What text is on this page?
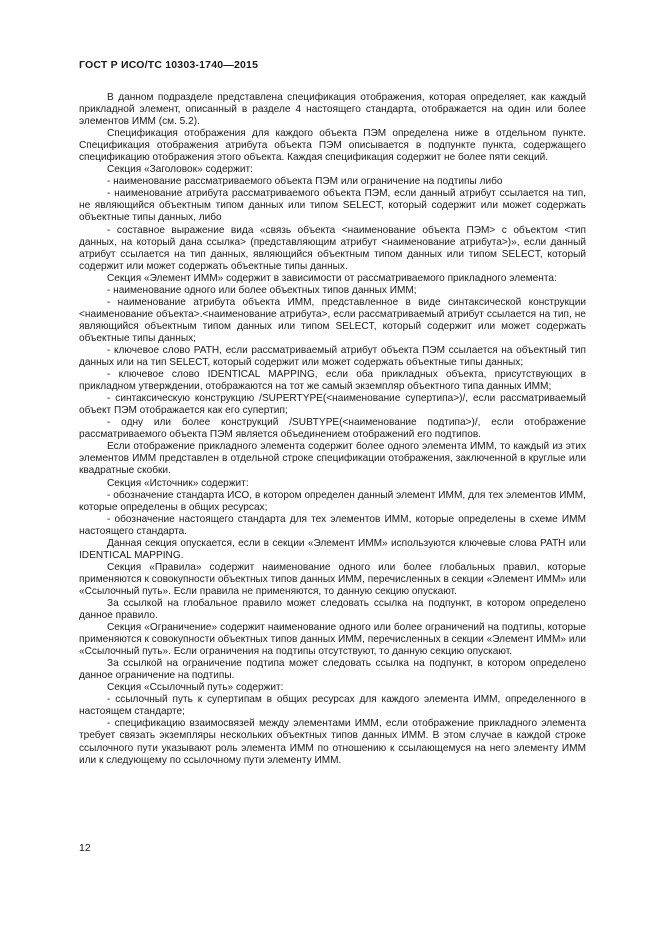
ГОСТ Р ИСО/ТС 10303-1740—2015

В данном подразделе представлена спецификация отображения, которая определяет, как каждый прикладной элемент, описанный в разделе 4 настоящего стандарта, отображается на один или более элементов ИММ (см. 5.2).

Спецификация отображения для каждого объекта ПЭМ определена ниже в отдельном пункте. Спецификация отображения атрибута объекта ПЭМ описывается в подпункте пункта, содержащего спецификацию отображения этого объекта. Каждая спецификация содержит не более пяти секций.

Секция «Заголовок» содержит:

- наименование рассматриваемого объекта ПЭМ или ограничение на подтипы либо

- наименование атрибута рассматриваемого объекта ПЭМ, если данный атрибут ссылается на тип, не являющийся объектным типом данных или типом SELECT, который содержит или может содержать объектные типы данных, либо

- составное выражение вида «связь объекта <наименование объекта ПЭМ> с объектом <тип данных, на который дана ссылка> (представляющим атрибут <наименование атрибута>)», если данный атрибут ссылается на тип данных, являющийся объектным типом данных или типом SELECT, который содержит или может содержать объектные типы данных.

Секция «Элемент ИММ» содержит в зависимости от рассматриваемого прикладного элемента:

- наименование одного или более объектных типов данных ИММ;

- наименование атрибута объекта ИММ, представленное в виде синтаксической конструкции <наименование объекта>.<наименование атрибута>, если рассматриваемый атрибут ссылается на тип, не являющийся объектным типом данных или типом SELECT, который содержит или может содержать объектные типы данных;

- ключевое слово PATH, если рассматриваемый атрибут объекта ПЭМ ссылается на объектный тип данных или на тип SELECT, который содержит или может содержать объектные типы данных;

- ключевое слово IDENTICAL MAPPING, если оба прикладных объекта, присутствующих в прикладном утверждении, отображаются на тот же самый экземпляр объектного типа данных ИММ;

- синтаксическую конструкцию /SUPERTYPE(<наименование супертипа>)/, если рассматриваемый объект ПЭМ отображается как его супертип;

- одну или более конструкций /SUBTYPE(<наименование подтипа>)/, если отображение рассматриваемого объекта ПЭМ является объединением отображений его подтипов.

Если отображение прикладного элемента содержит более одного элемента ИММ, то каждый из этих элементов ИММ представлен в отдельной строке спецификации отображения, заключенной в круглые или квадратные скобки.

Секция «Источник» содержит:

- обозначение стандарта ИСО, в котором определен данный элемент ИММ, для тех элементов ИММ, которые определены в общих ресурсах;

- обозначение настоящего стандарта для тех элементов ИММ, которые определены в схеме ИММ настоящего стандарта.

Данная секция опускается, если в секции «Элемент ИММ» используются ключевые слова PATH или IDENTICAL MAPPING.

Секция «Правила» содержит наименование одного или более глобальных правил, которые применяются к совокупности объектных типов данных ИММ, перечисленных в секции «Элемент ИММ» или «Ссылочный путь». Если правила не применяются, то данную секцию опускают.

За ссылкой на глобальное правило может следовать ссылка на подпункт, в котором определено данное правило.

Секция «Ограничение» содержит наименование одного или более ограничений на подтипы, которые применяются к совокупности объектных типов данных ИММ, перечисленных в секции «Элемент ИММ» или «Ссылочный путь». Если ограничения на подтипы отсутствуют, то данную секцию опускают.

За ссылкой на ограничение подтипа может следовать ссылка на подпункт, в котором определено данное ограничение на подтипы.

Секция «Ссылочный путь» содержит:

- ссылочный путь к супертипам в общих ресурсах для каждого элемента ИММ, определенного в настоящем стандарте;

- спецификацию взаимосвязей между элементами ИММ, если отображение прикладного элемента требует связать экземпляры нескольких объектных типов данных ИММ. В этом случае в каждой строке ссылочного пути указывают роль элемента ИММ по отношению к ссылающемуся на него элементу ИММ или к следующему по ссылочному пути элементу ИММ.

12
